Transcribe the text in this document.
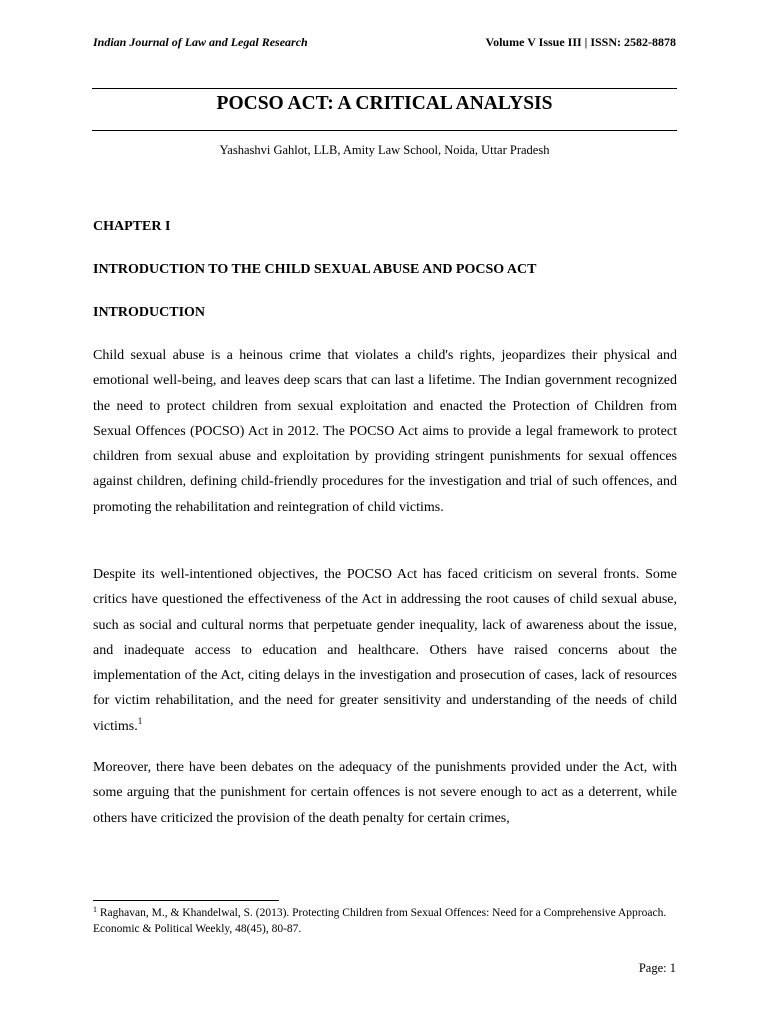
Indian Journal of Law and Legal Research	Volume V Issue III | ISSN: 2582-8878
POCSO ACT: A CRITICAL ANALYSIS
Yashashvi Gahlot, LLB, Amity Law School, Noida, Uttar Pradesh
CHAPTER I
INTRODUCTION TO THE CHILD SEXUAL ABUSE AND POCSO ACT
INTRODUCTION

Child sexual abuse is a heinous crime that violates a child's rights, jeopardizes their physical and emotional well-being, and leaves deep scars that can last a lifetime. The Indian government recognized the need to protect children from sexual exploitation and enacted the Protection of Children from Sexual Offences (POCSO) Act in 2012. The POCSO Act aims to provide a legal framework to protect children from sexual abuse and exploitation by providing stringent punishments for sexual offences against children, defining child-friendly procedures for the investigation and trial of such offences, and promoting the rehabilitation and reintegration of child victims.

Despite its well-intentioned objectives, the POCSO Act has faced criticism on several fronts. Some critics have questioned the effectiveness of the Act in addressing the root causes of child sexual abuse, such as social and cultural norms that perpetuate gender inequality, lack of awareness about the issue, and inadequate access to education and healthcare. Others have raised concerns about the implementation of the Act, citing delays in the investigation and prosecution of cases, lack of resources for victim rehabilitation, and the need for greater sensitivity and understanding of the needs of child victims.$^1$

Moreover, there have been debates on the adequacy of the punishments provided under the Act, with some arguing that the punishment for certain offences is not severe enough to act as a deterrent, while others have criticized the provision of the death penalty for certain crimes,

$^1$ Raghavan, M., & Khandelwal, S. (2013). Protecting Children from Sexual Offences: Need for a Comprehensive Approach. Economic & Political Weekly, 48(45), 80-87.

Page: 1
